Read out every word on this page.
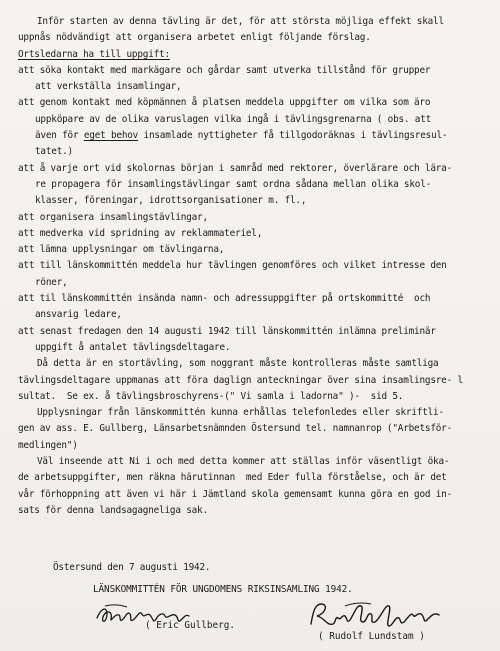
Inför starten av denna tävling är det, för att största möjliga effekt skall
uppnås nödvändigt att organisera arbetet enligt följande förslag.
Ortsledarna ha till uppgift:
att söka kontakt med markägare och gårdar samt utverka tillstånd för grupper
att verkställa insamlingar,
att genom kontakt med köpmännen å platsen meddela uppgifter om vilka som äro
uppköpare av de olika varuslagen vilka ingå i tävlingsgrenarna ( obs. att
även för eget behov insamlade nyttigheter få tillgodoräknas i tävlingsresul-
tatet.)
att å varje ort vid skolornas början i samråd med rektorer, överlärare och lära-
re propagera för insamlingstävlingar samt ordna sådana mellan olika skol-
klasser, föreningar, idrottsorganisationer m. fl.,
att organisera insamlingstävlingar,
att medverka vid spridning av reklammateriel,
att lämna upplysningar om tävlingarna,
att till länskommittén meddela hur tävlingen genomföres och vilket intresse den
röner,
att til länskommittén insända namn- och adressuppgifter på ortskommitté  och
ansvarig ledare,
att senast fredagen den 14 augusti 1942 till länskommittén inlämna preliminär
uppgift å antalet tävlingsdeltagare.
Då detta är en stortävling, som noggrant måste kontrolleras måste samtliga
tävlingsdeltagare uppmanas att föra daglign anteckningar över sina insamlingsre- l
sultat.  Se ex. å tävlingsbroschyrens-(" Vi samla i ladorna" )-  sid 5.
Upplysningar från länskommittén kunna erhållas telefonledes eller skriftli-
gen av ass. E. Gullberg, Länsarbetsnämnden Östersund tel. namnanrop ("Arbetsför-
medlingen")
Väl inseende att Ni i och med detta kommer att ställas inför väsentligt öka-
de arbetsuppgifter, men räkna härutinnan  med Eder fulla förståelse, och är det
vår förhoppning att även vi här i Jämtland skola gemensamt kunna göra en god in-
sats för denna landsagagneliga sak.
Östersund den 7 augusti 1942.
LÄNSKOMMITTÉN FÖR UNGDOMENS RIKSINSAMLING 1942.
( Eric Gullberg.
( Rudolf Lundstam )
